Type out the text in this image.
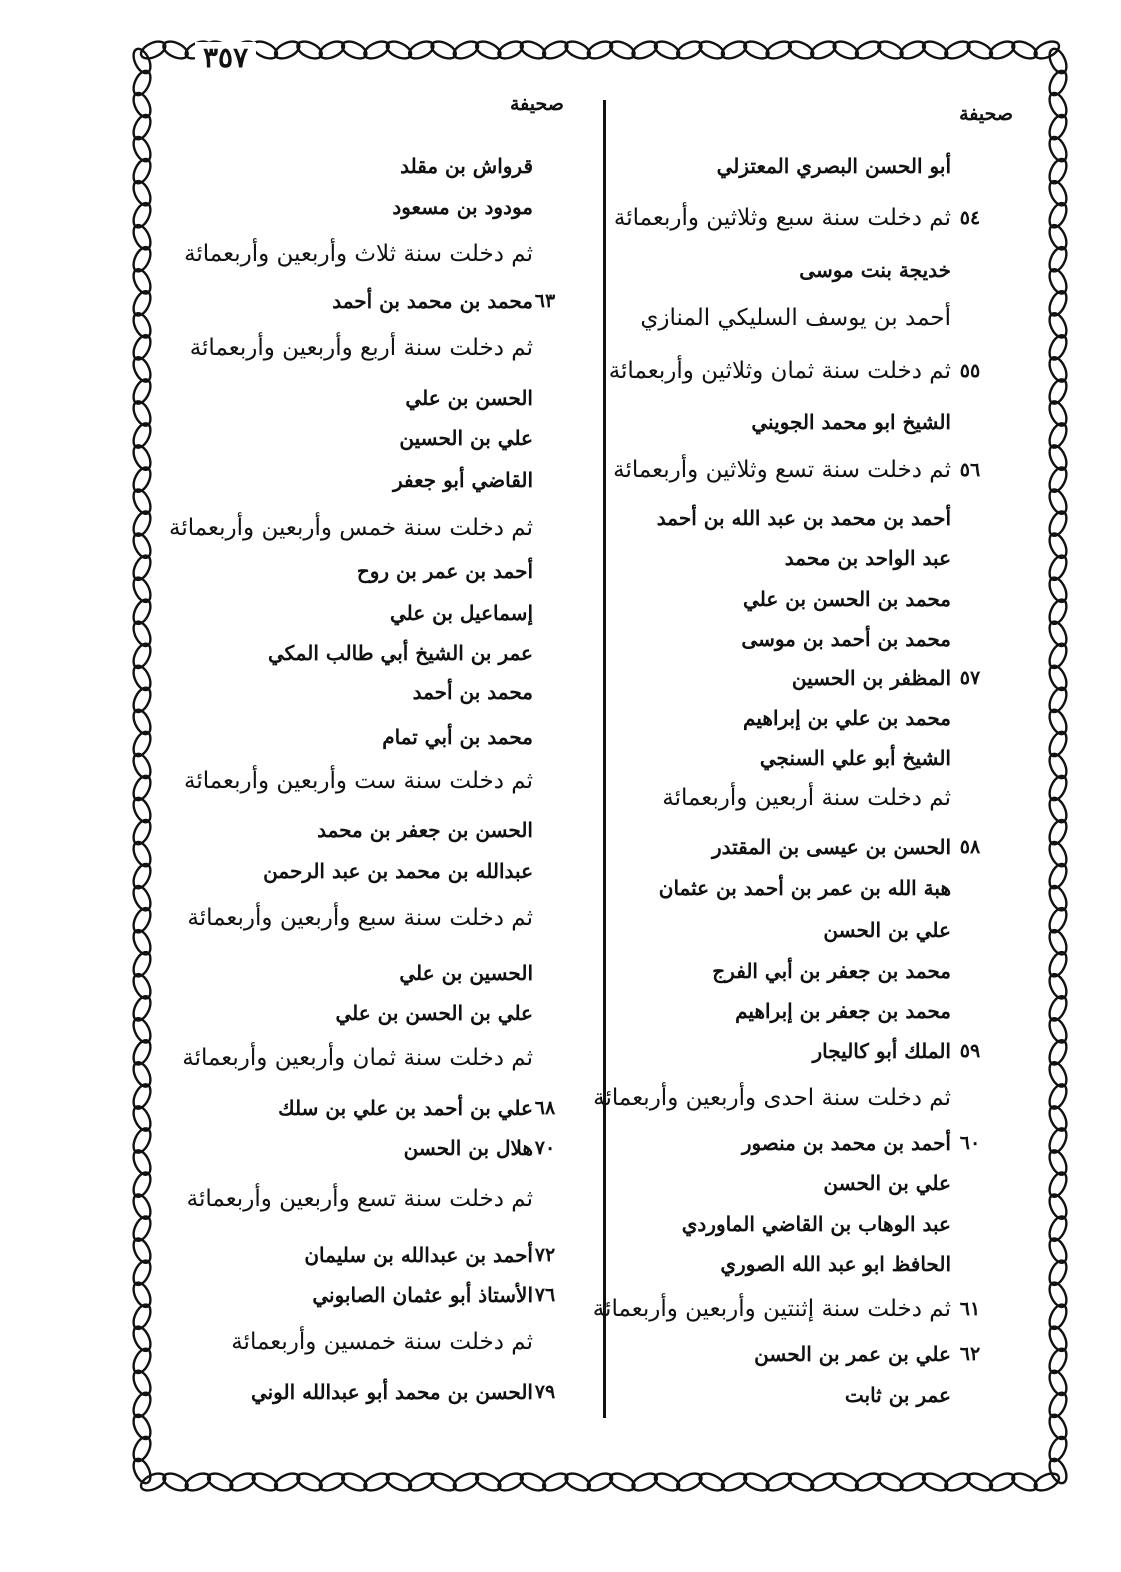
٣٥٧
صحيفة
صحيفة
أبو الحسن البصري المعتزلي
ثم دخلت سنة سبع وثلاثين وأربعمائة ٥٤
خديجة بنت موسى
أحمد بن يوسف السليكي المنازي
ثم دخلت سنة ثمان وثلاثين وأربعمائة ٥٥
الشيخ ابو محمد الجويني
ثم دخلت سنة تسع وثلاثين وأربعمائة ٥٦
أحمد بن محمد بن عبد الله بن أحمد
عبد الواحد بن محمد
محمد بن الحسن بن علي
محمد بن أحمد بن موسى
المظفر بن الحسين ٥٧
محمد بن علي بن إبراهيم
الشيخ أبو علي السنجي
ثم دخلت سنة أربعين وأربعمائة
الحسن بن عيسى بن المقتدر ٥٨
هبة الله بن عمر بن أحمد بن عثمان
علي بن الحسن
محمد بن جعفر بن أبي الفرج
محمد بن جعفر بن إبراهيم
الملك أبو كاليجار ٥٩
ثم دخلت سنة احدى وأربعين وأربعمائة
أحمد بن محمد بن منصور ٦٠
علي بن الحسن
عبد الوهاب بن القاضي الماوردي
الحافظ ابو عبد الله الصوري
ثم دخلت سنة إثنتين وأربعين وأربعمائة ٦١
علي بن عمر بن الحسن ٦٢
عمر بن ثابت
قرواش بن مقلد
مودود بن مسعود
ثم دخلت سنة ثلاث وأربعين وأربعمائة
محمد بن محمد بن أحمد ٦٣
ثم دخلت سنة أربع وأربعين وأربعمائة
الحسن بن علي
علي بن الحسين
القاضي أبو جعفر
ثم دخلت سنة خمس وأربعين وأربعمائة
أحمد بن عمر بن روح
إسماعيل بن علي
عمر بن الشيخ أبي طالب المكي
محمد بن أحمد
محمد بن أبي تمام
ثم دخلت سنة ست وأربعين وأربعمائة
الحسن بن جعفر بن محمد
عبدالله بن محمد بن عبد الرحمن
ثم دخلت سنة سبع وأربعين وأربعمائة
الحسين بن علي
علي بن الحسن بن علي
ثم دخلت سنة ثمان وأربعين وأربعمائة
علي بن أحمد بن علي بن سلك ٦٨
هلال بن الحسن ٧٠
ثم دخلت سنة تسع وأربعين وأربعمائة
أحمد بن عبدالله بن سليمان ٧٢
الأستاذ أبو عثمان الصابوني ٧٦
ثم دخلت سنة خمسين وأربعمائة
الحسن بن محمد أبو عبدالله الوني ٧٩
